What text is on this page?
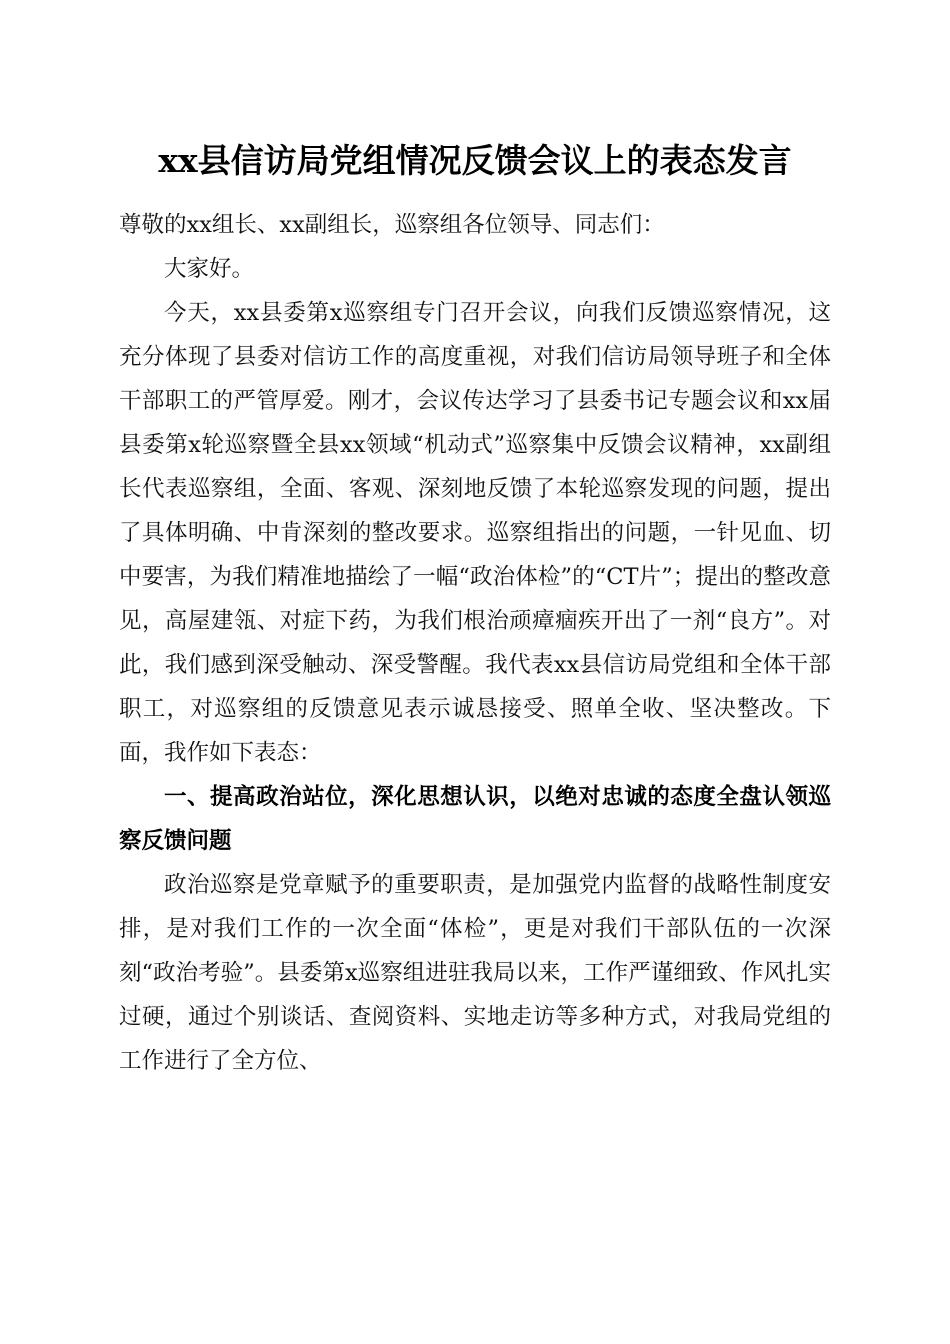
xx县信访局党组情况反馈会议上的表态发言

尊敬的xx组长、xx副组长，巡察组各位领导、同志们：

大家好。

今天，xx县委第x巡察组专门召开会议，向我们反馈巡察情况，这充分体现了县委对信访工作的高度重视，对我们信访局领导班子和全体干部职工的严管厚爱。刚才，会议传达学习了县委书记专题会议和xx届县委第x轮巡察暨全县xx领域“机动式”巡察集中反馈会议精神，xx副组长代表巡察组，全面、客观、深刻地反馈了本轮巡察发现的问题，提出了具体明确、中肯深刻的整改要求。巡察组指出的问题，一针见血、切中要害，为我们精准地描绘了一幅“政治体检”的“CT片”；提出的整改意见，高屋建瓴、对症下药，为我们根治顽瘴痼疾开出了一剂“良方”。对此，我们感到深受触动、深受警醒。我代表xx县信访局党组和全体干部职工，对巡察组的反馈意见表示诚恳接受、照单全收、坚决整改。下面，我作如下表态：

一、提高政治站位，深化思想认识，以绝对忠诚的态度全盘认领巡察反馈问题

政治巡察是党章赋予的重要职责，是加强党内监督的战略性制度安排，是对我们工作的一次全面“体检”，更是对我们干部队伍的一次深刻“政治考验”。县委第x巡察组进驻我局以来，工作严谨细致、作风扎实过硬，通过个别谈话、查阅资料、实地走访等多种方式，对我局党组的工作进行了全方位、
